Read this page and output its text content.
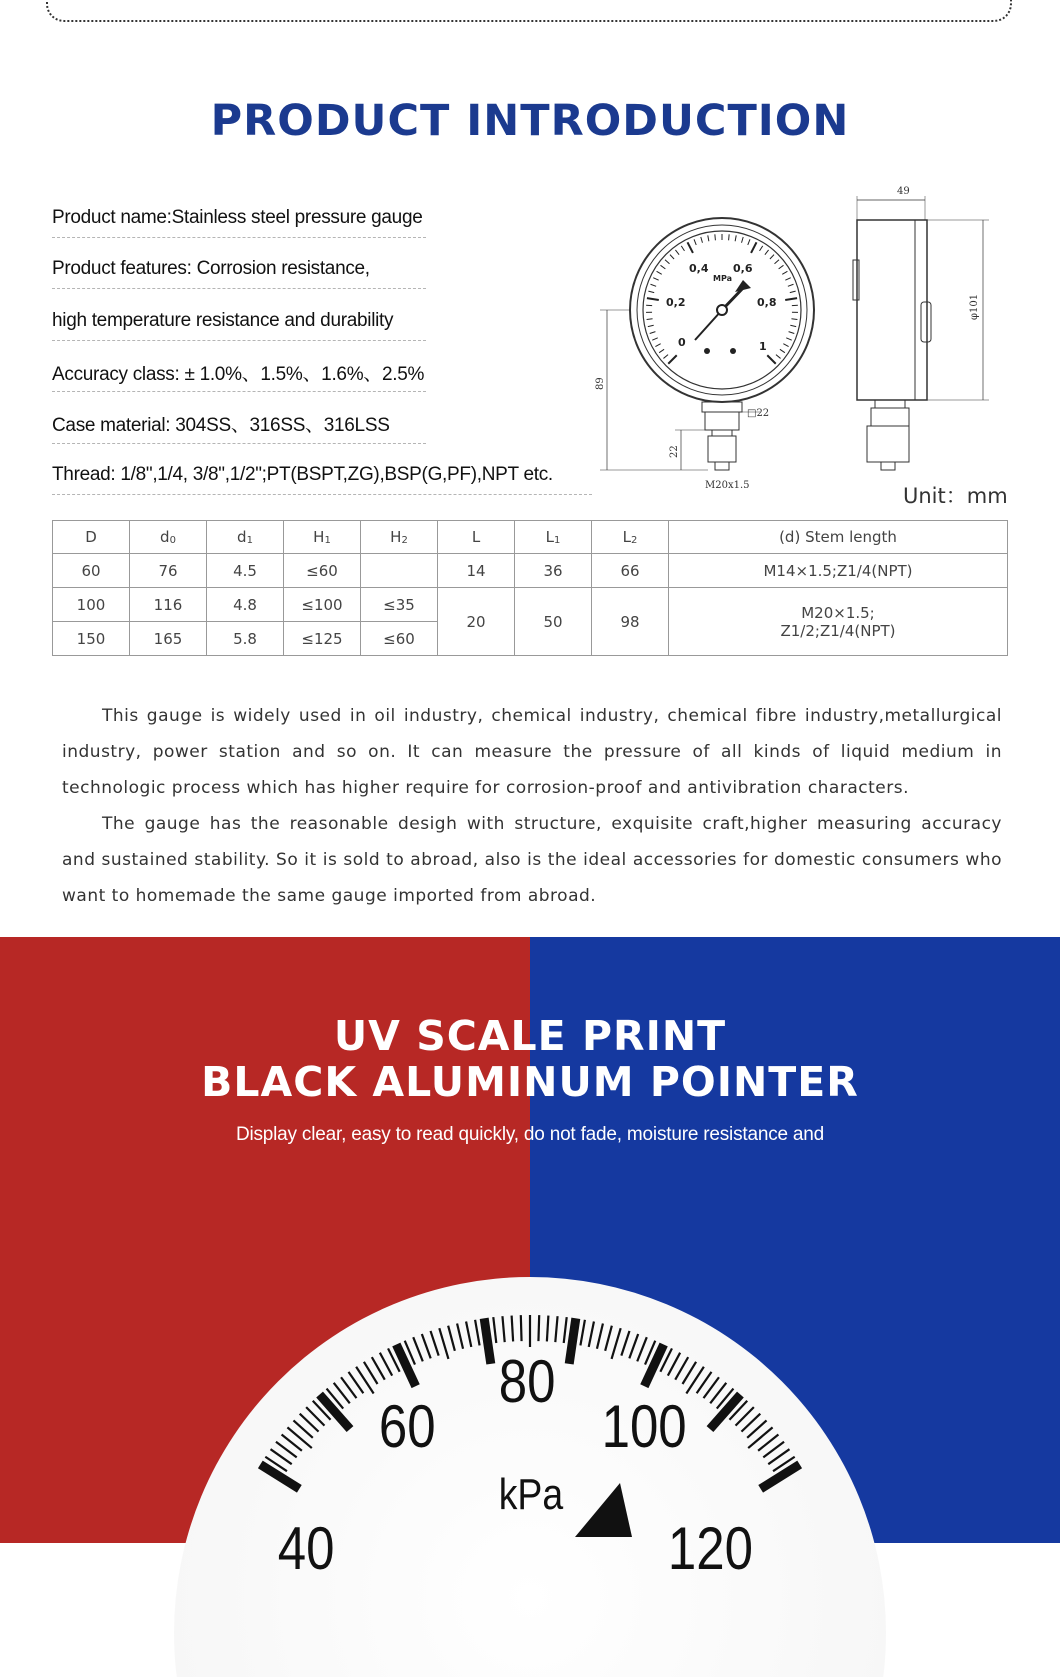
PRODUCT INTRODUCTION
Product name:Stainless steel pressure gauge
Product features: Corrosion resistance,
high temperature resistance and durability
Accuracy class: ± 1.0%、1.5%、1.6%、2.5%
Case material: 304SS、316SS、316LSS
Thread: 1/8",1/4, 3/8",1/2";PT(BSPT,ZG),BSP(G,PF),NPT etc.
0,2
0,4 0,6
0,8
0	1
MPa
49
φ101
89
22
□22
M20x1.5	Unit：mm
D	d0	d1	H1	H2	L	L1	L2	(d) Stem length
60	76	4.5	≤60		14	36	66	M14×1.5;Z1/4(NPT)
100	116	4.8	≤100	≤35	20	50	98	M20×1.5;
Z1/2;Z1/4(NPT)

150	165	5.8	≤125	≤60				

This gauge is widely used in oil industry, chemical industry, chemical fibre industry,metallurgical industry, power station and so on. It can measure the pressure of all kinds of liquid medium in technologic process which has higher require for corrosion-proof and antivibration characters.

The gauge has the reasonable desigh with structure, exquisite craft,higher measuring accuracy and sustained stability. So it is sold to abroad, also is the ideal accessories for domestic consumers who want to homemade the same gauge imported from abroad.

UV SCALE PRINT
BLACK ALUMINUM POINTER
Display clear, easy to read quickly, do not fade, moisture resistance and
40
60
80
100
120
kPa
